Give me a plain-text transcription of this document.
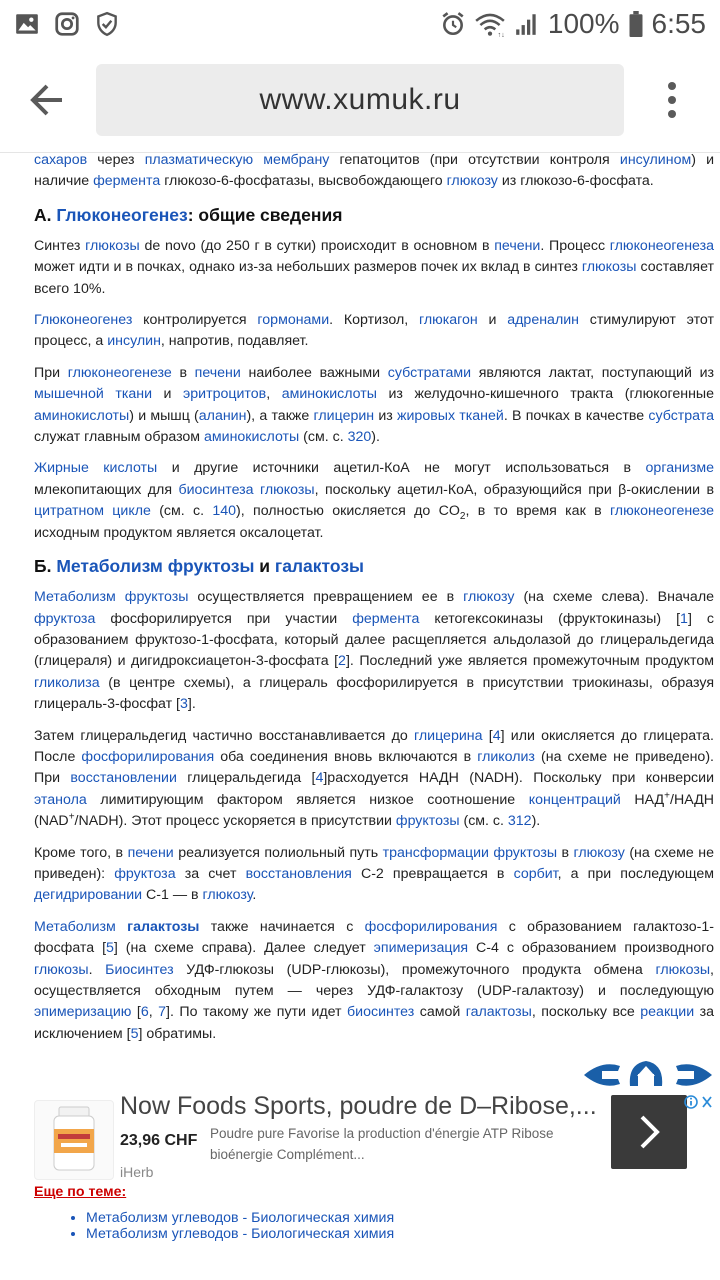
↑↓ 100% 6:55
www.xumuk.ru

сахаров через плазматическую мембрану гепатоцитов (при отсутствии контроля инсулином) и наличие фермента глюкозо-6-фосфатазы, высвобождающего глюкозу из глюкозо-6-фосфата.

А. Глюконеогенез: общие сведения

Синтез глюкозы de novo (до 250 г в сутки) происходит в основном в печени. Процесс глюконеогенеза может идти и в почках, однако из-за небольших размеров почек их вклад в синтез глюкозы составляет всего 10%.

Глюконеогенез контролируется гормонами. Кортизол, глюкагон и адреналин стимулируют этот процесс, а инсулин, напротив, подавляет.

При глюконеогенезе в печени наиболее важными субстратами являются лактат, поступающий из мышечной ткани и эритроцитов, аминокислоты из желудочно-кишечного тракта (глюкогенные аминокислоты) и мышц (аланин), а также глицерин из жировых тканей. В почках в качестве субстрата служат главным образом аминокислоты (см. с. 320).

Жирные кислоты и другие источники ацетил-КоА не могут использоваться в организме млекопитающих для биосинтеза глюкозы, поскольку ацетил-КоА, образующийся при β-окислении в цитратном цикле (см. с. 140), полностью окисляется до $CO_2$, в то время как в глюконеогенезе исходным продуктом является оксалоцетат.

Б. Метаболизм фруктозы и галактозы

Метаболизм фруктозы осуществляется превращением ее в глюкозу (на схеме слева). Вначале фруктоза фосфорилируется при участии фермента кетогексокиназы (фруктокиназы) [1] с образованием фруктозо-1-фосфата, который далее расщепляется альдолазой до глицеральдегида (глицераля) и дигидроксиацетон-3-фосфата [2]. Последний уже является промежуточным продуктом гликолиза (в центре схемы), а глицераль фосфорилируется в присутствии триокиназы, образуя глицераль-3-фосфат [3].

Затем глицеральдегид частично восстанавливается до глицерина [4] или окисляется до глицерата. После фосфорилирования оба соединения вновь включаются в гликолиз (на схеме не приведено). При восстановлении глицеральдегида [4]расходуется НАДН (NADH). Поскольку при конверсии этанола лимитирующим фактором является низкое соотношение концентраций НАД+/НАДН (NAD+/NADH). Этот процесс ускоряется в присутствии фруктозы (см. с. 312).

Кроме того, в печени реализуется полиольный путь трансформации фруктозы в глюкозу (на схеме не приведен): фруктоза за счет восстановления С-2 превращается в сорбит, а при последующем дегидрировании С-1 — в глюкозу.

Метаболизм галактозы также начинается с фосфорилирования с образованием галактозо-1-фосфата [5] (на схеме справа). Далее следует эпимеризация С-4 с образованием производного глюкозы. Биосинтез УДФ-глюкозы (UDP-глюкозы), промежуточного продукта обмена глюкозы, осуществляется обходным путем — через УДФ-галактозу (UDP-галактозу) и последующую эпимеризацию [6, 7]. По такому же пути идет биосинтез самой галактозы, поскольку все реакции за исключением [5] обратимы.

Now Foods Sports, poudre de D–Ribose,...
23,96 CHF Poudre pure Favorise la production d'énergie ATP Ribose bioénergie Complément...
iHerb
Еще по теме:
• Метаболизм углеводов - Биологическая химия
• Метаболизм углеводов - Биологическая химия
